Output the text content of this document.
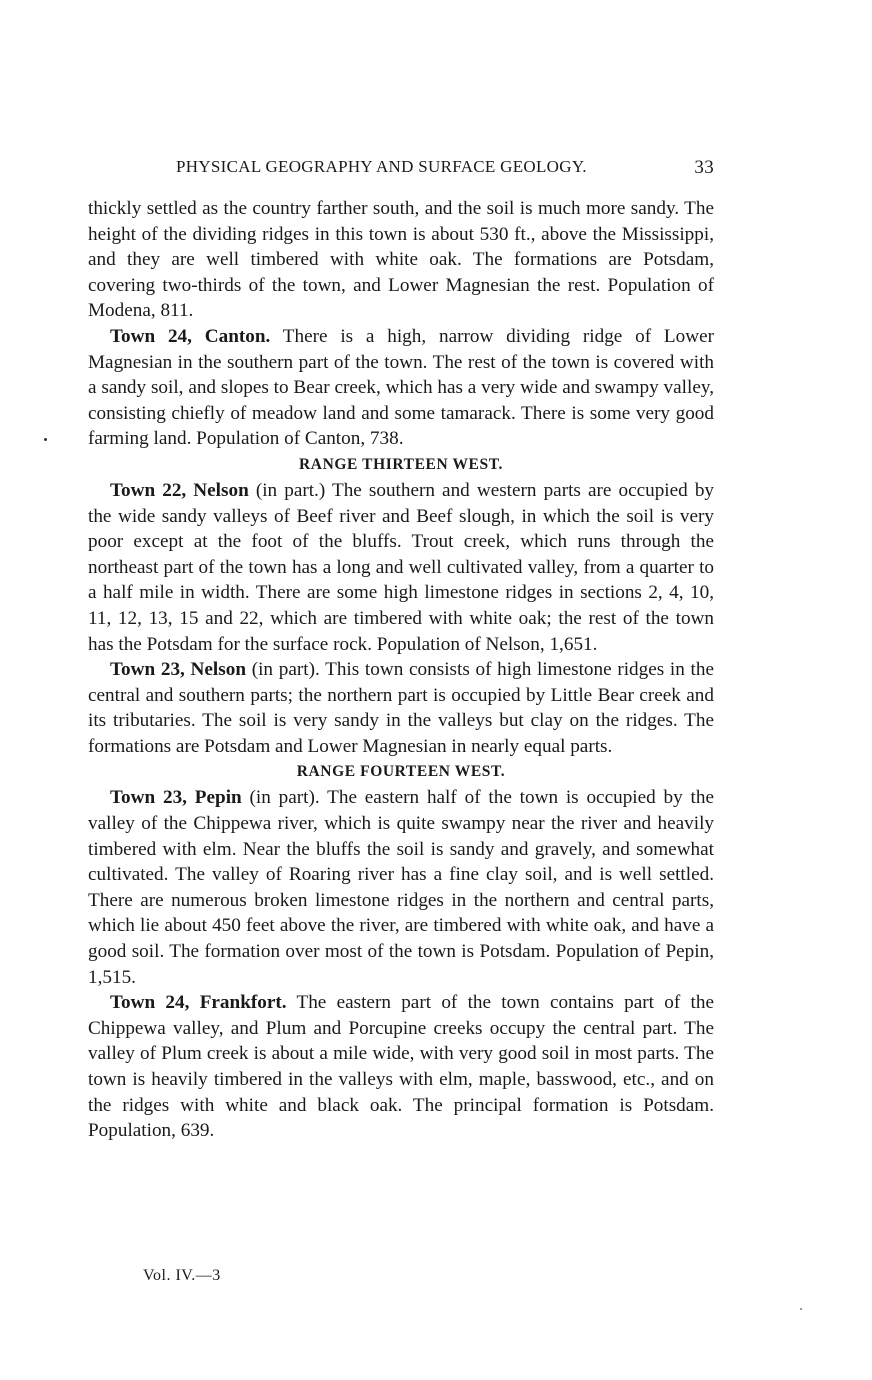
PHYSICAL GEOGRAPHY AND SURFACE GEOLOGY.	33

thickly settled as the country farther south, and the soil is much more sandy. The height of the dividing ridges in this town is about 530 ft., above the Mississippi, and they are well timbered with white oak. The formations are Potsdam, covering two-thirds of the town, and Lower Magnesian the rest. Population of Modena, 811.

Town 24, Canton. There is a high, narrow dividing ridge of Lower Magnesian in the southern part of the town. The rest of the town is covered with a sandy soil, and slopes to Bear creek, which has a very wide and swampy valley, consisting chiefly of meadow land and some tamarack. There is some very good farming land. Population of Canton, 738.

RANGE THIRTEEN WEST.

Town 22, Nelson (in part.) The southern and western parts are occupied by the wide sandy valleys of Beef river and Beef slough, in which the soil is very poor except at the foot of the bluffs. Trout creek, which runs through the northeast part of the town has a long and well cultivated valley, from a quarter to a half mile in width. There are some high limestone ridges in sections 2, 4, 10, 11, 12, 13, 15 and 22, which are timbered with white oak; the rest of the town has the Potsdam for the surface rock. Population of Nelson, 1,651.

Town 23, Nelson (in part). This town consists of high limestone ridges in the central and southern parts; the northern part is occupied by Little Bear creek and its tributaries. The soil is very sandy in the valleys but clay on the ridges. The formations are Potsdam and Lower Magnesian in nearly equal parts.

RANGE FOURTEEN WEST.

Town 23, Pepin (in part). The eastern half of the town is occupied by the valley of the Chippewa river, which is quite swampy near the river and heavily timbered with elm. Near the bluffs the soil is sandy and gravely, and somewhat cultivated. The valley of Roaring river has a fine clay soil, and is well settled. There are numerous broken limestone ridges in the northern and central parts, which lie about 450 feet above the river, are timbered with white oak, and have a good soil. The formation over most of the town is Potsdam. Population of Pepin, 1,515.

Town 24, Frankfort. The eastern part of the town contains part of the Chippewa valley, and Plum and Porcupine creeks occupy the central part. The valley of Plum creek is about a mile wide, with very good soil in most parts. The town is heavily timbered in the valleys with elm, maple, basswood, etc., and on the ridges with white and black oak. The principal formation is Potsdam. Population, 639.

Vol. IV.—3
